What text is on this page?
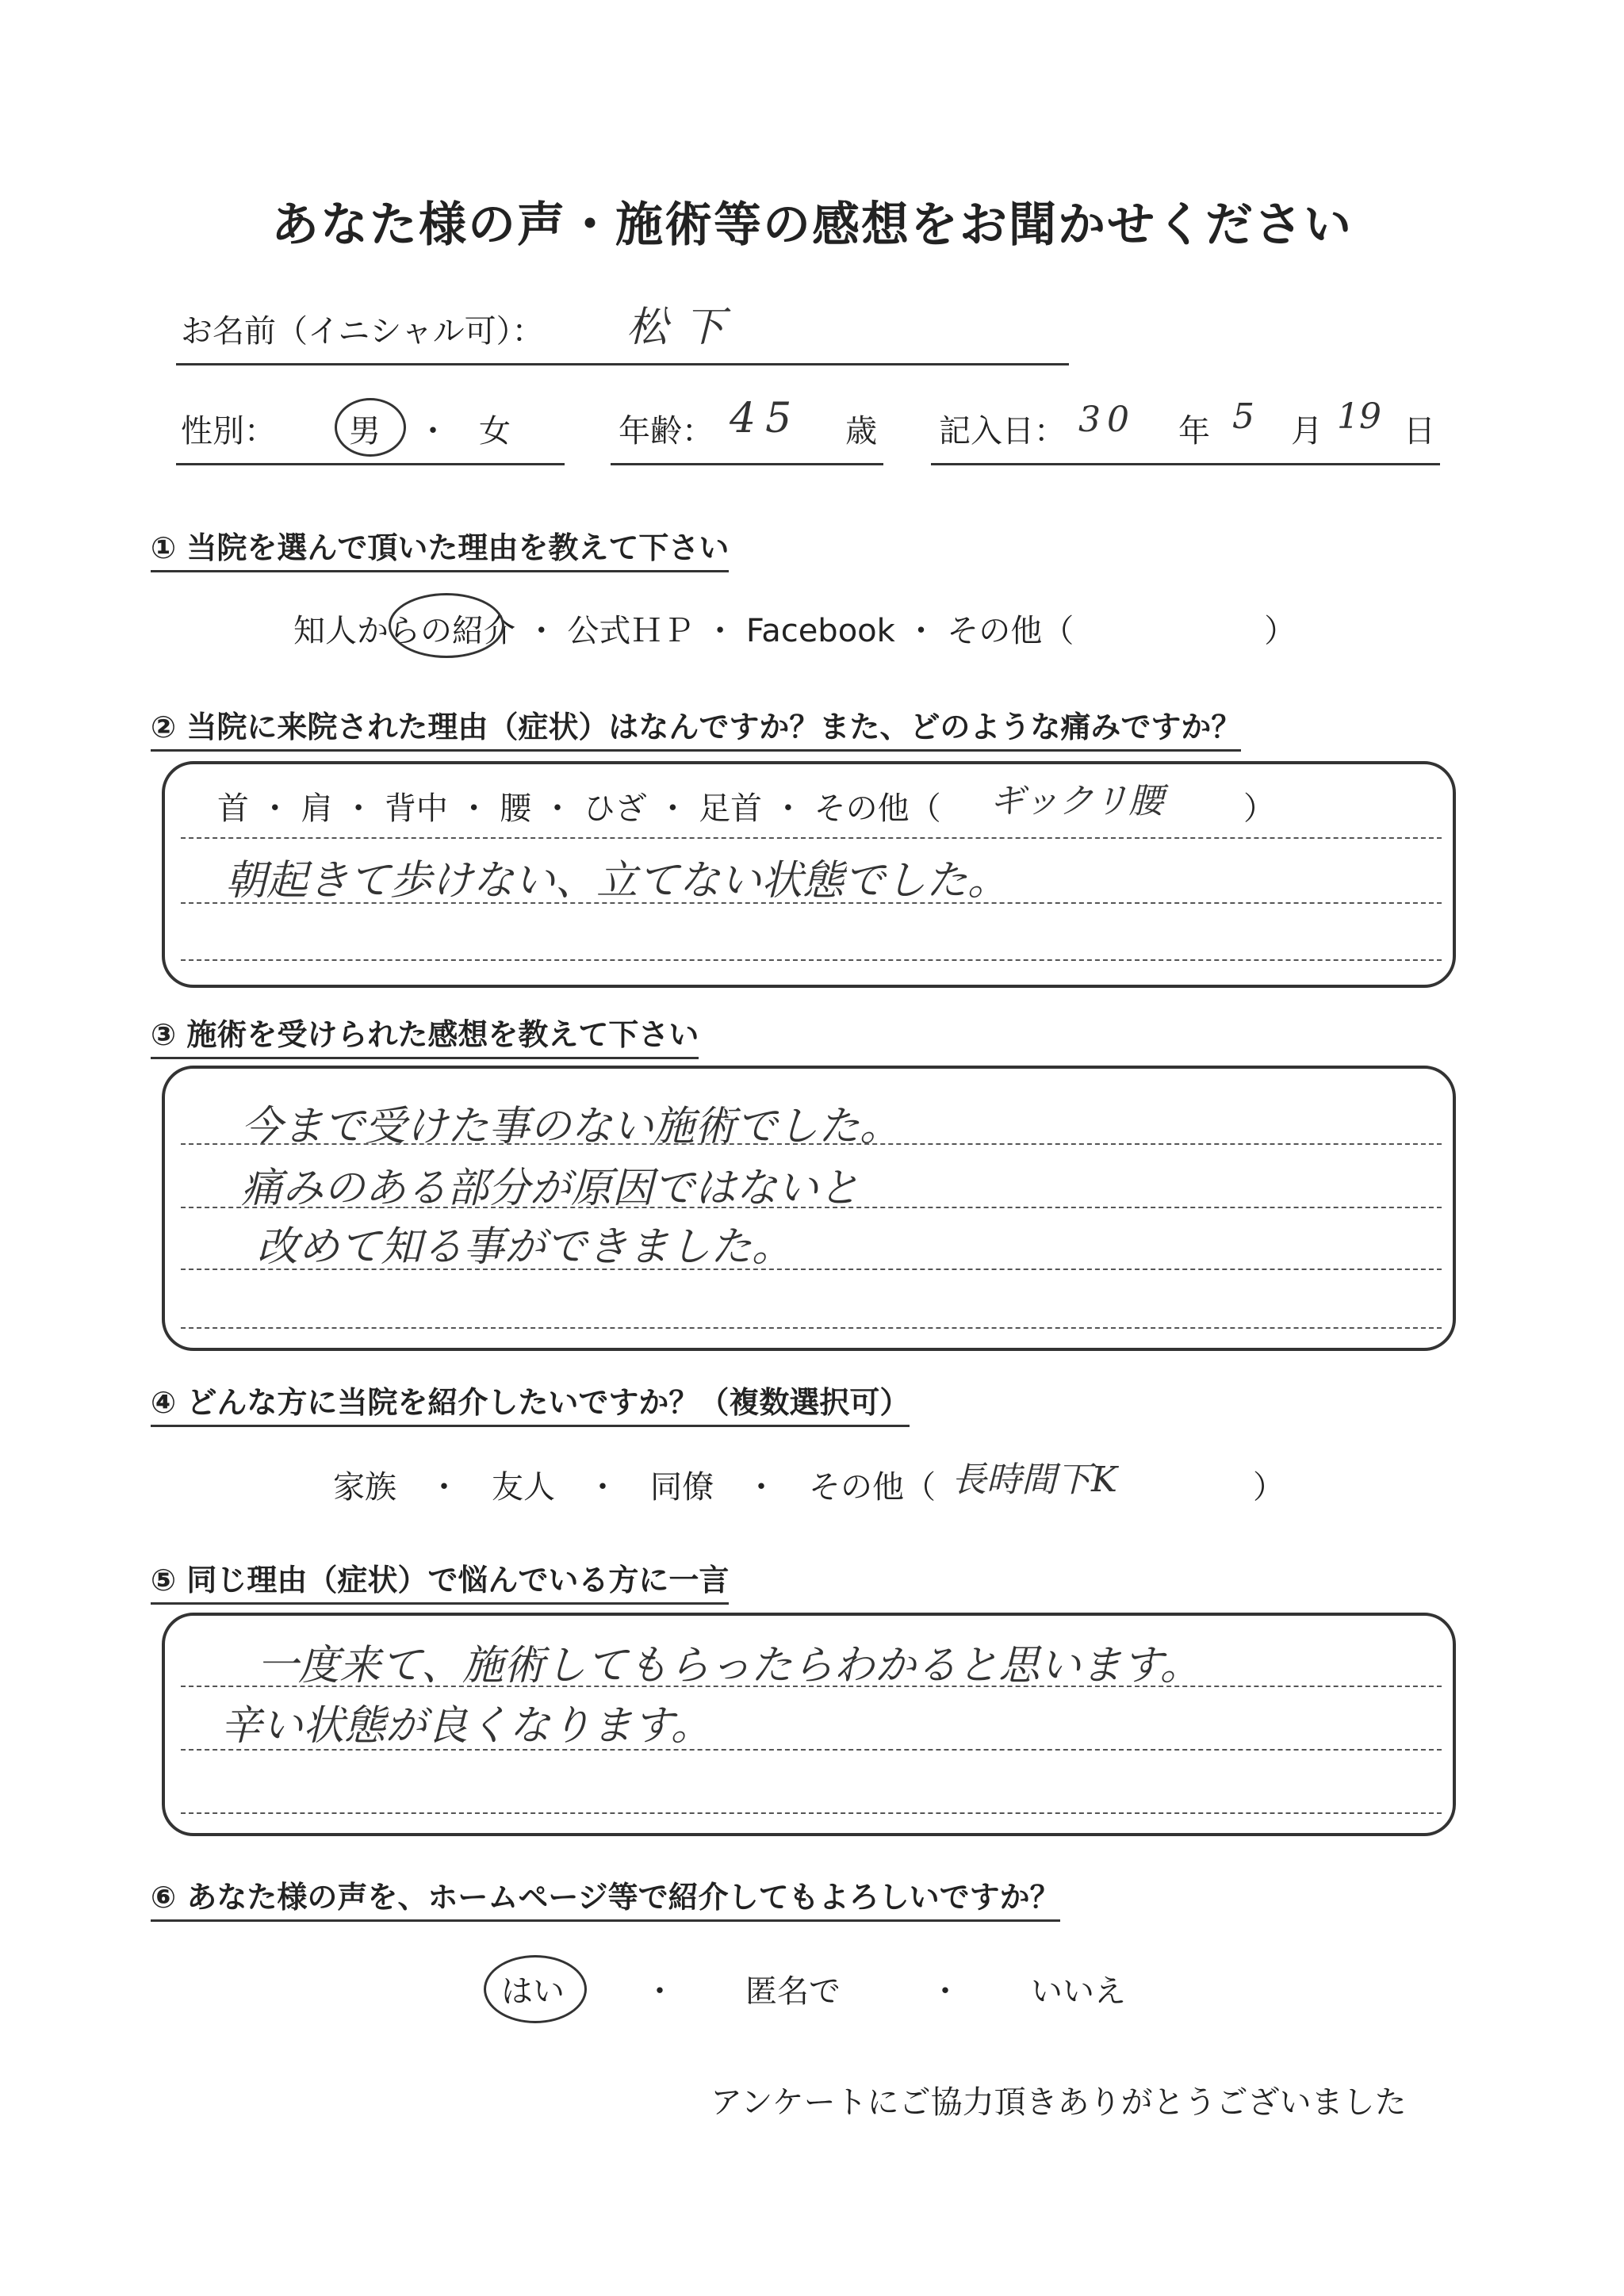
あなた様の声・施術等の感想をお聞かせください
お名前（イニシャル可）： 松下
性別： 男 ・ 女	年齢： 45 歳 記入日： 30 年 5 月 19 日
① 当院を選んで頂いた理由を教えて下さい
知人からの紹介 ・ 公式ＨＰ ・ Facebook ・ その他（　　　　　　）
② 当院に来院された理由（症状）はなんですか？また、どのような痛みですか？
首 ・ 肩 ・ 背中 ・ 腰 ・ ひざ ・ 足首 ・ その他（ ギックリ腰	）
朝起きて歩けない、立てない状態でした。
③ 施術を受けられた感想を教えて下さい
今まで受けた事のない施術でした。
痛みのある部分が原因ではないと
改めて知る事ができました。
④ どんな方に当院を紹介したいですか？（複数選択可）
家族　・　友人　・　同僚　・　その他（ 長時間下K	）
⑤ 同じ理由（症状）で悩んでいる方に一言
一度来て、施術してもらったらわかると思います。
辛い状態が良くなります。
⑥ あなた様の声を、ホームページ等で紹介してもよろしいですか？
はい	・ 匿名で	・ いいえ
アンケートにご協力頂きありがとうございました
